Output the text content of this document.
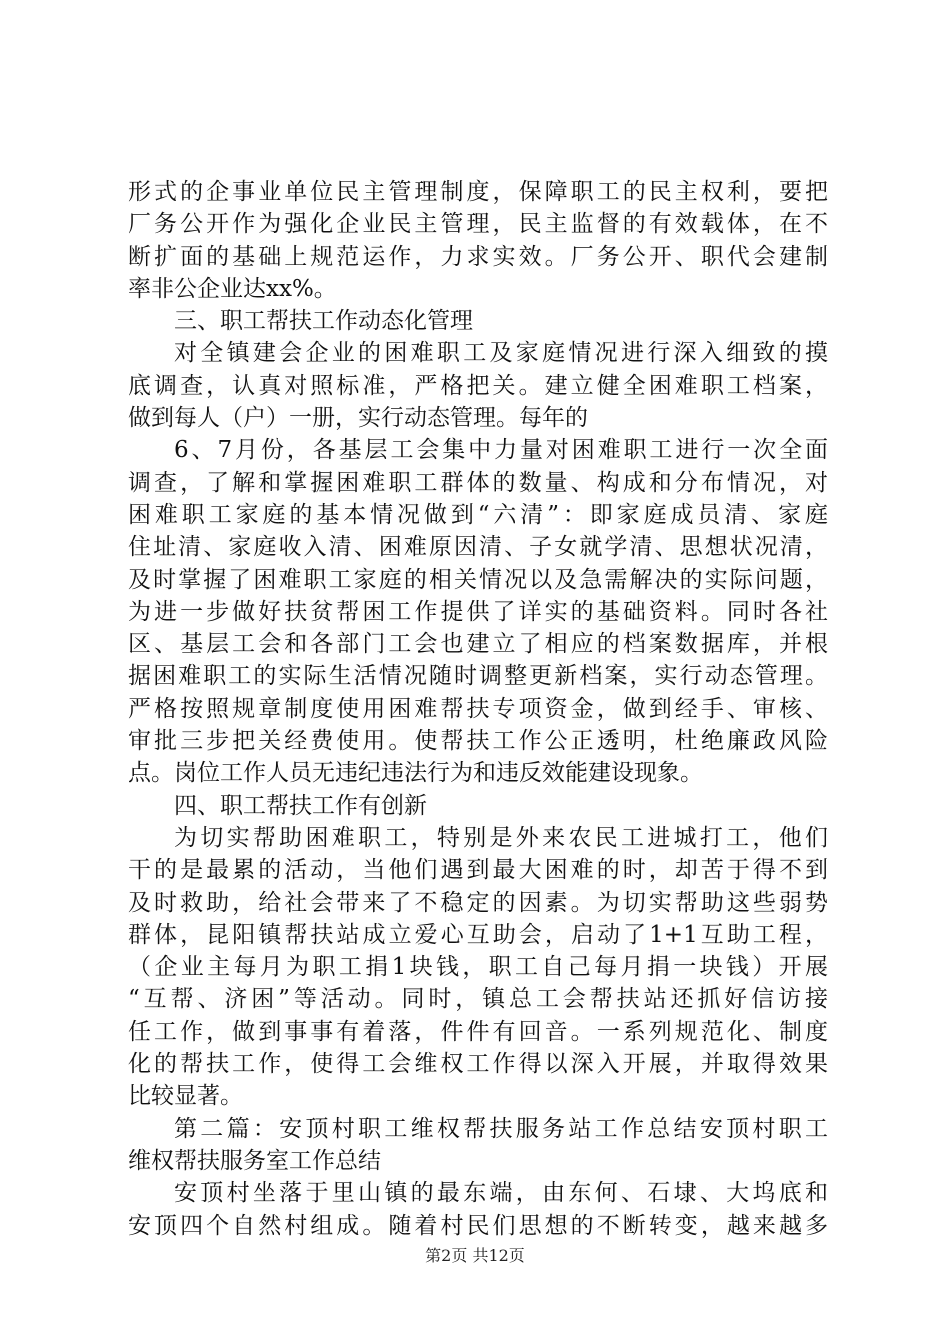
形式的企事业单位民主管理制度，保障职工的民主权利，要把
厂务公开作为强化企业民主管理，民主监督的有效载体，在不
断扩面的基础上规范运作，力求实效。厂务公开、职代会建制
率非公企业达xx%。
三、职工帮扶工作动态化管理
对全镇建会企业的困难职工及家庭情况进行深入细致的摸
底调查，认真对照标准，严格把关。建立健全困难职工档案，
做到每人（户）一册，实行动态管理。每年的
6、7月份，各基层工会集中力量对困难职工进行一次全面
调查，了解和掌握困难职工群体的数量、构成和分布情况，对
困难职工家庭的基本情况做到“六清”：即家庭成员清、家庭
住址清、家庭收入清、困难原因清、子女就学清、思想状况清，
及时掌握了困难职工家庭的相关情况以及急需解决的实际问题，
为进一步做好扶贫帮困工作提供了详实的基础资料。同时各社
区、基层工会和各部门工会也建立了相应的档案数据库，并根
据困难职工的实际生活情况随时调整更新档案，实行动态管理。
严格按照规章制度使用困难帮扶专项资金，做到经手、审核、
审批三步把关经费使用。使帮扶工作公正透明，杜绝廉政风险
点。岗位工作人员无违纪违法行为和违反效能建设现象。
四、职工帮扶工作有创新
为切实帮助困难职工，特别是外来农民工进城打工，他们
干的是最累的活动，当他们遇到最大困难的时，却苦于得不到
及时救助，给社会带来了不稳定的因素。为切实帮助这些弱势
群体，昆阳镇帮扶站成立爱心互助会，启动了1+1互助工程，
（企业主每月为职工捐1块钱，职工自己每月捐一块钱）开展
“互帮、济困”等活动。同时，镇总工会帮扶站还抓好信访接
任工作，做到事事有着落，件件有回音。一系列规范化、制度
化的帮扶工作，使得工会维权工作得以深入开展，并取得效果
比较显著。
第二篇：安顶村职工维权帮扶服务站工作总结安顶村职工
维权帮扶服务室工作总结
安顶村坐落于里山镇的最东端，由东何、石埭、大坞底和
安顶四个自然村组成。随着村民们思想的不断转变，越来越多
第2页 共12页
